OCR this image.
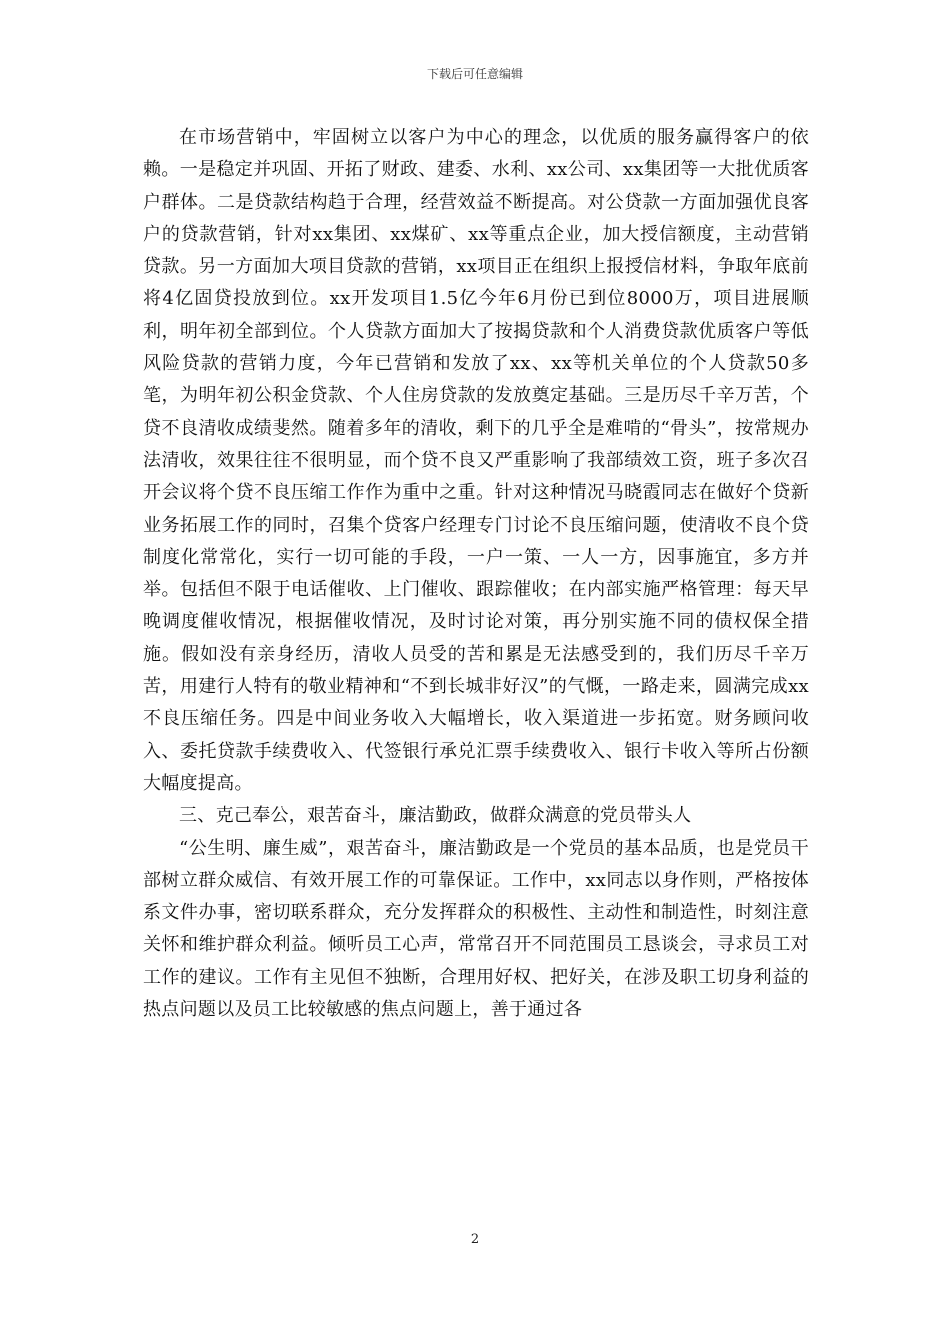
下载后可任意编辑

在市场营销中，牢固树立以客户为中心的理念，以优质的服务赢得客户的依赖。一是稳定并巩固、开拓了财政、建委、水利、xx公司、xx集团等一大批优质客户群体。二是贷款结构趋于合理，经营效益不断提高。对公贷款一方面加强优良客户的贷款营销，针对xx集团、xx煤矿、xx等重点企业，加大授信额度，主动营销贷款。另一方面加大项目贷款的营销，xx项目正在组织上报授信材料，争取年底前将4亿固贷投放到位。xx开发项目1.5亿今年6月份已到位8000万，项目进展顺利，明年初全部到位。个人贷款方面加大了按揭贷款和个人消费贷款优质客户等低风险贷款的营销力度，今年已营销和发放了xx、xx等机关单位的个人贷款50多笔，为明年初公积金贷款、个人住房贷款的发放奠定基础。三是历尽千辛万苦，个贷不良清收成绩斐然。随着多年的清收，剩下的几乎全是难啃的“骨头”，按常规办法清收，效果往往不很明显，而个贷不良又严重影响了我部绩效工资，班子多次召开会议将个贷不良压缩工作作为重中之重。针对这种情况马晓霞同志在做好个贷新业务拓展工作的同时，召集个贷客户经理专门讨论不良压缩问题，使清收不良个贷制度化常常化，实行一切可能的手段，一户一策、一人一方，因事施宜，多方并举。包括但不限于电话催收、上门催收、跟踪催收；在内部实施严格管理：每天早晚调度催收情况，根据催收情况，及时讨论对策，再分别实施不同的债权保全措施。假如没有亲身经历，清收人员受的苦和累是无法感受到的，我们历尽千辛万苦，用建行人特有的敬业精神和“不到长城非好汉”的气慨，一路走来，圆满完成xx不良压缩任务。四是中间业务收入大幅增长，收入渠道进一步拓宽。财务顾问收入、委托贷款手续费收入、代签银行承兑汇票手续费收入、银行卡收入等所占份额大幅度提高。

三、克己奉公，艰苦奋斗，廉洁勤政，做群众满意的党员带头人

“公生明、廉生威”，艰苦奋斗，廉洁勤政是一个党员的基本品质，也是党员干部树立群众威信、有效开展工作的可靠保证。工作中，xx同志以身作则，严格按体系文件办事，密切联系群众，充分发挥群众的积极性、主动性和制造性，时刻注意关怀和维护群众利益。倾听员工心声，常常召开不同范围员工恳谈会，寻求员工对工作的建议。工作有主见但不独断，合理用好权、把好关，在涉及职工切身利益的热点问题以及员工比较敏感的焦点问题上，善于通过各

2
